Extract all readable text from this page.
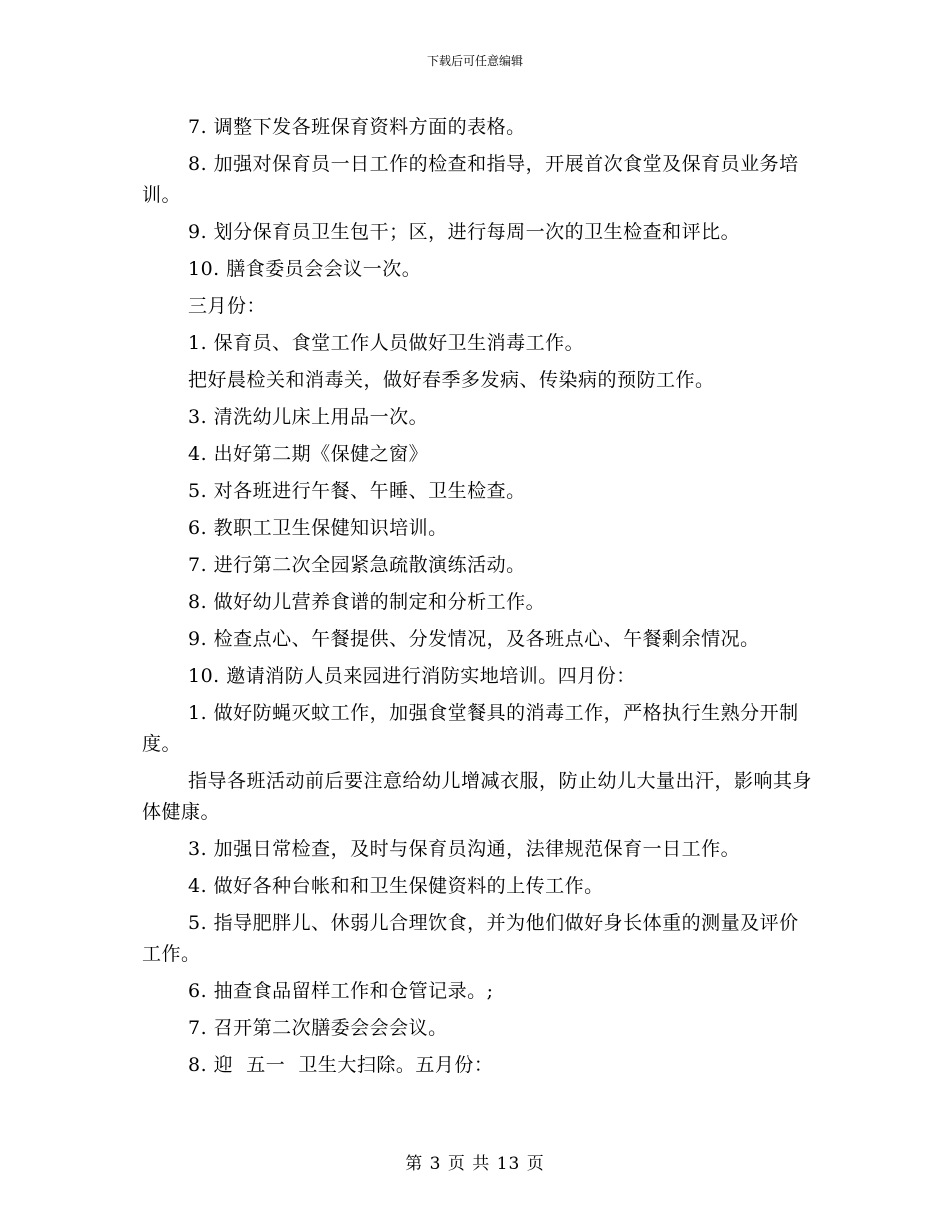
下载后可任意编辑

7. 调整下发各班保育资料方面的表格。

8. 加强对保育员一日工作的检查和指导，开展首次食堂及保育员业务培训。

9. 划分保育员卫生包干；区，进行每周一次的卫生检查和评比。

10. 膳食委员会会议一次。

三月份：

1. 保育员、食堂工作人员做好卫生消毒工作。

把好晨检关和消毒关，做好春季多发病、传染病的预防工作。

3. 清洗幼儿床上用品一次。

4. 出好第二期《保健之窗》

5. 对各班进行午餐、午睡、卫生检查。

6. 教职工卫生保健知识培训。

7. 进行第二次全园紧急疏散演练活动。

8. 做好幼儿营养食谱的制定和分析工作。

9. 检查点心、午餐提供、分发情况，及各班点心、午餐剩余情况。

10. 邀请消防人员来园进行消防实地培训。四月份：

1. 做好防蝇灭蚊工作，加强食堂餐具的消毒工作，严格执行生熟分开制度。

指导各班活动前后要注意给幼儿增减衣服，防止幼儿大量出汗，影响其身体健康。

3. 加强日常检查，及时与保育员沟通，法律规范保育一日工作。

4. 做好各种台帐和和卫生保健资料的上传工作。

5. 指导肥胖儿、休弱儿合理饮食，并为他们做好身长体重的测量及评价工作。

6. 抽查食品留样工作和仓管记录。;

7. 召开第二次膳委会会会议。

8. 迎  五一  卫生大扫除。五月份：

第 3 页 共 13 页
